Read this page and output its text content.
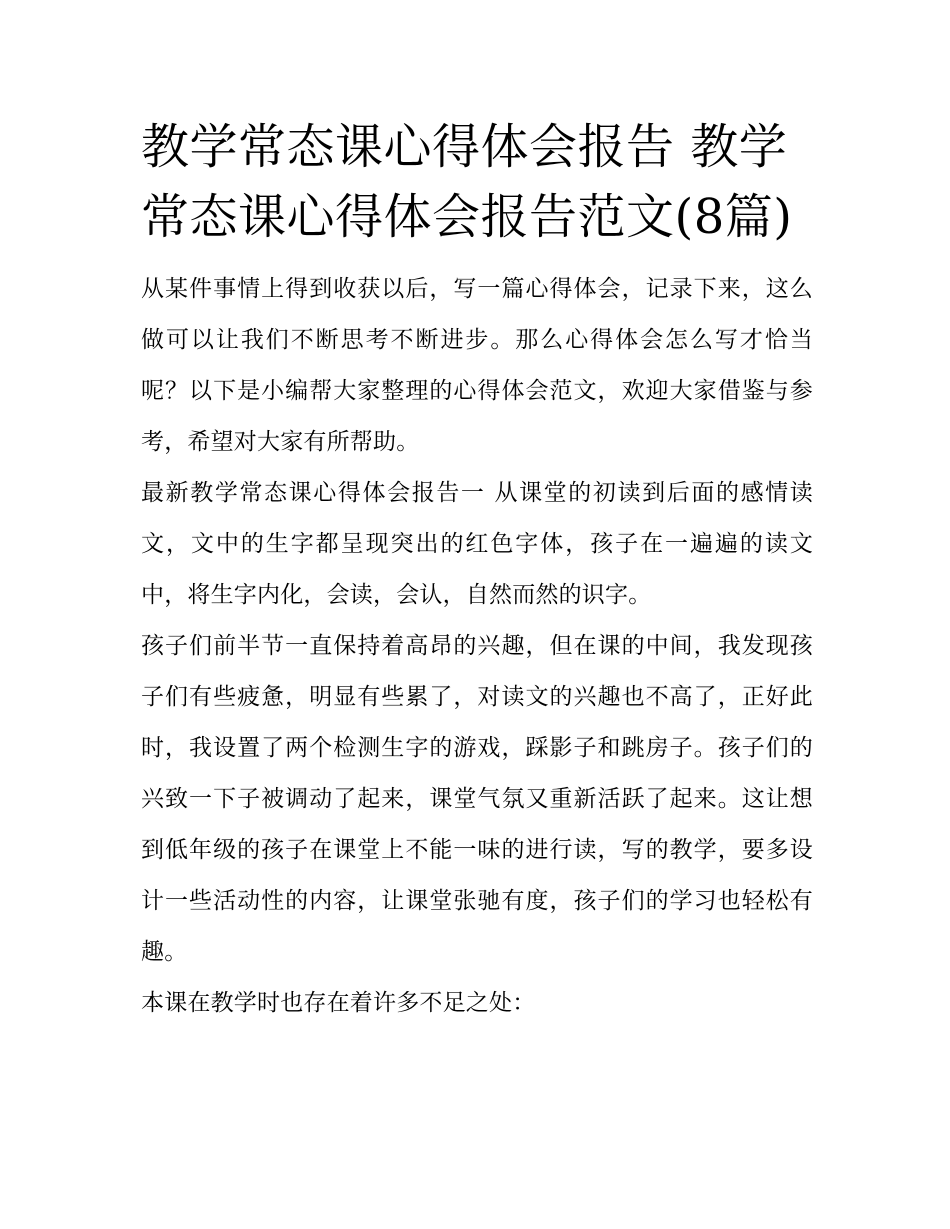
教学常态课心得体会报告 教学常态课心得体会报告范文(8篇)

从某件事情上得到收获以后，写一篇心得体会，记录下来，这么做可以让我们不断思考不断进步。那么心得体会怎么写才恰当呢？以下是小编帮大家整理的心得体会范文，欢迎大家借鉴与参考，希望对大家有所帮助。

最新教学常态课心得体会报告一 从课堂的初读到后面的感情读文，文中的生字都呈现突出的红色字体，孩子在一遍遍的读文中，将生字内化，会读，会认，自然而然的识字。

孩子们前半节一直保持着高昂的兴趣，但在课的中间，我发现孩子们有些疲惫，明显有些累了，对读文的兴趣也不高了，正好此时，我设置了两个检测生字的游戏，踩影子和跳房子。孩子们的兴致一下子被调动了起来，课堂气氛又重新活跃了起来。这让想到低年级的孩子在课堂上不能一味的进行读，写的教学，要多设计一些活动性的内容，让课堂张驰有度，孩子们的学习也轻松有趣。

本课在教学时也存在着许多不足之处：
